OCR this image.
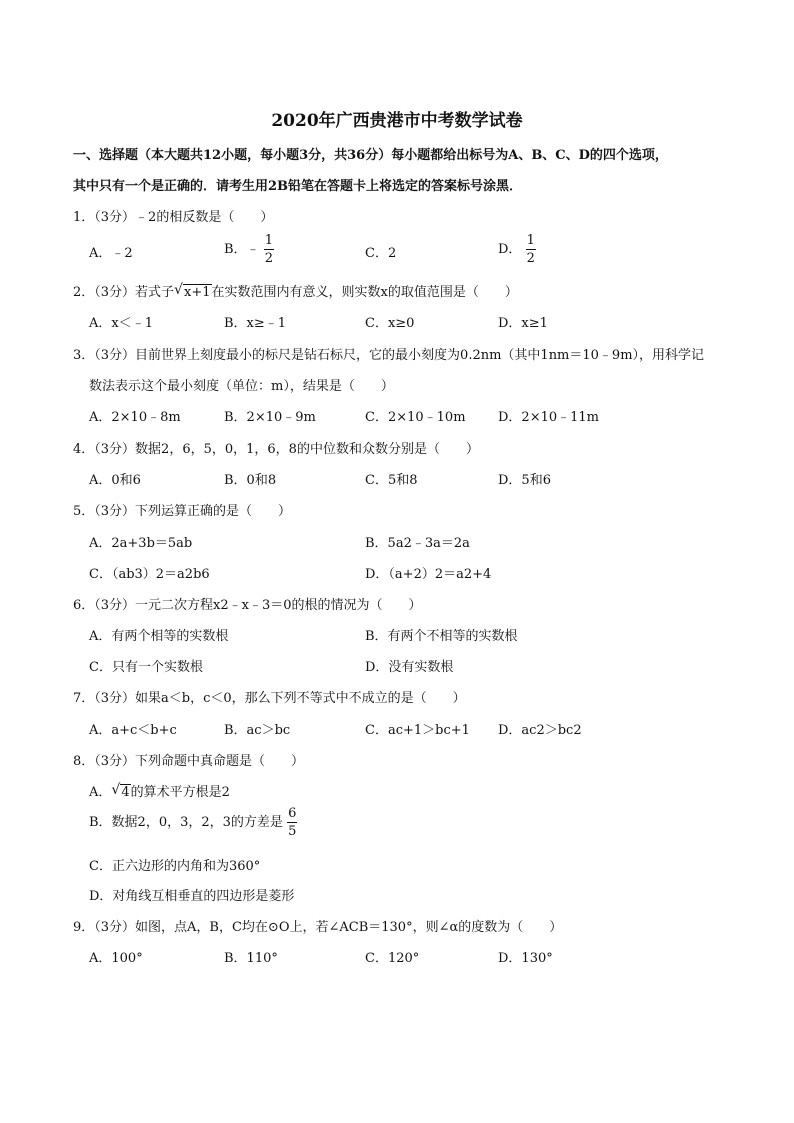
2020年广西贵港市中考数学试卷
一、选择题（本大题共12小题，每小题3分，共36分）每小题都给出标号为A、B、C、D的四个选项，
其中只有一个是正确的．请考生用2B铅笔在答题卡上将选定的答案标号涂黑．
1．（3分）﹣2的相反数是（　　）
A．﹣2	B．﹣ $\frac{1}{2}$	C．2	D． $\frac{1}{2}$
2．（3分）若式子 √ x+1在实数范围内有意义，则实数x的取值范围是（　　）
A．x＜﹣1	B．x≥﹣1	C．x≥0	D．x≥1
3．（3分）目前世界上刻度最小的标尺是钻石标尺，它的最小刻度为0.2nm（其中1nm＝10﹣9m），用科学记
数法表示这个最小刻度（单位：m），结果是（　　）
A．2×10﹣8m	B．2×10﹣9m	C．2×10﹣10m D．2×10﹣11m
4．（3分）数据2，6，5，0，1，6，8的中位数和众数分别是（　　）
A．0和6	B．0和8	C．5和8	D．5和6
5．（3分）下列运算正确的是（　　）
A．2a+3b＝5ab	B．5a2﹣3a＝2a
C．（ab3）2＝a2b6	D．（a+2）2＝a2+4
6．（3分）一元二次方程x2﹣x﹣3＝0的根的情况为（　　）
A．有两个相等的实数根	B．有两个不相等的实数根
C．只有一个实数根	D．没有实数根
7．（3分）如果a＜b，c＜0，那么下列不等式中不成立的是（　　）
A．a+c＜b+c	B．ac＞bc	C．ac+1＞bc+1 D．ac2＞bc2
8．（3分）下列命题中真命题是（　　）
A． √ 4的算术平方根是2
B．数据2，0，3，2，3的方差是 $\frac{6}{5}$
C．正六边形的内角和为360°
D．对角线互相垂直的四边形是菱形
9．（3分）如图，点A，B，C均在⊙O上，若∠ACB＝130°，则∠α的度数为（　　）
A．100°	B．110°	C．120°	D．130°
